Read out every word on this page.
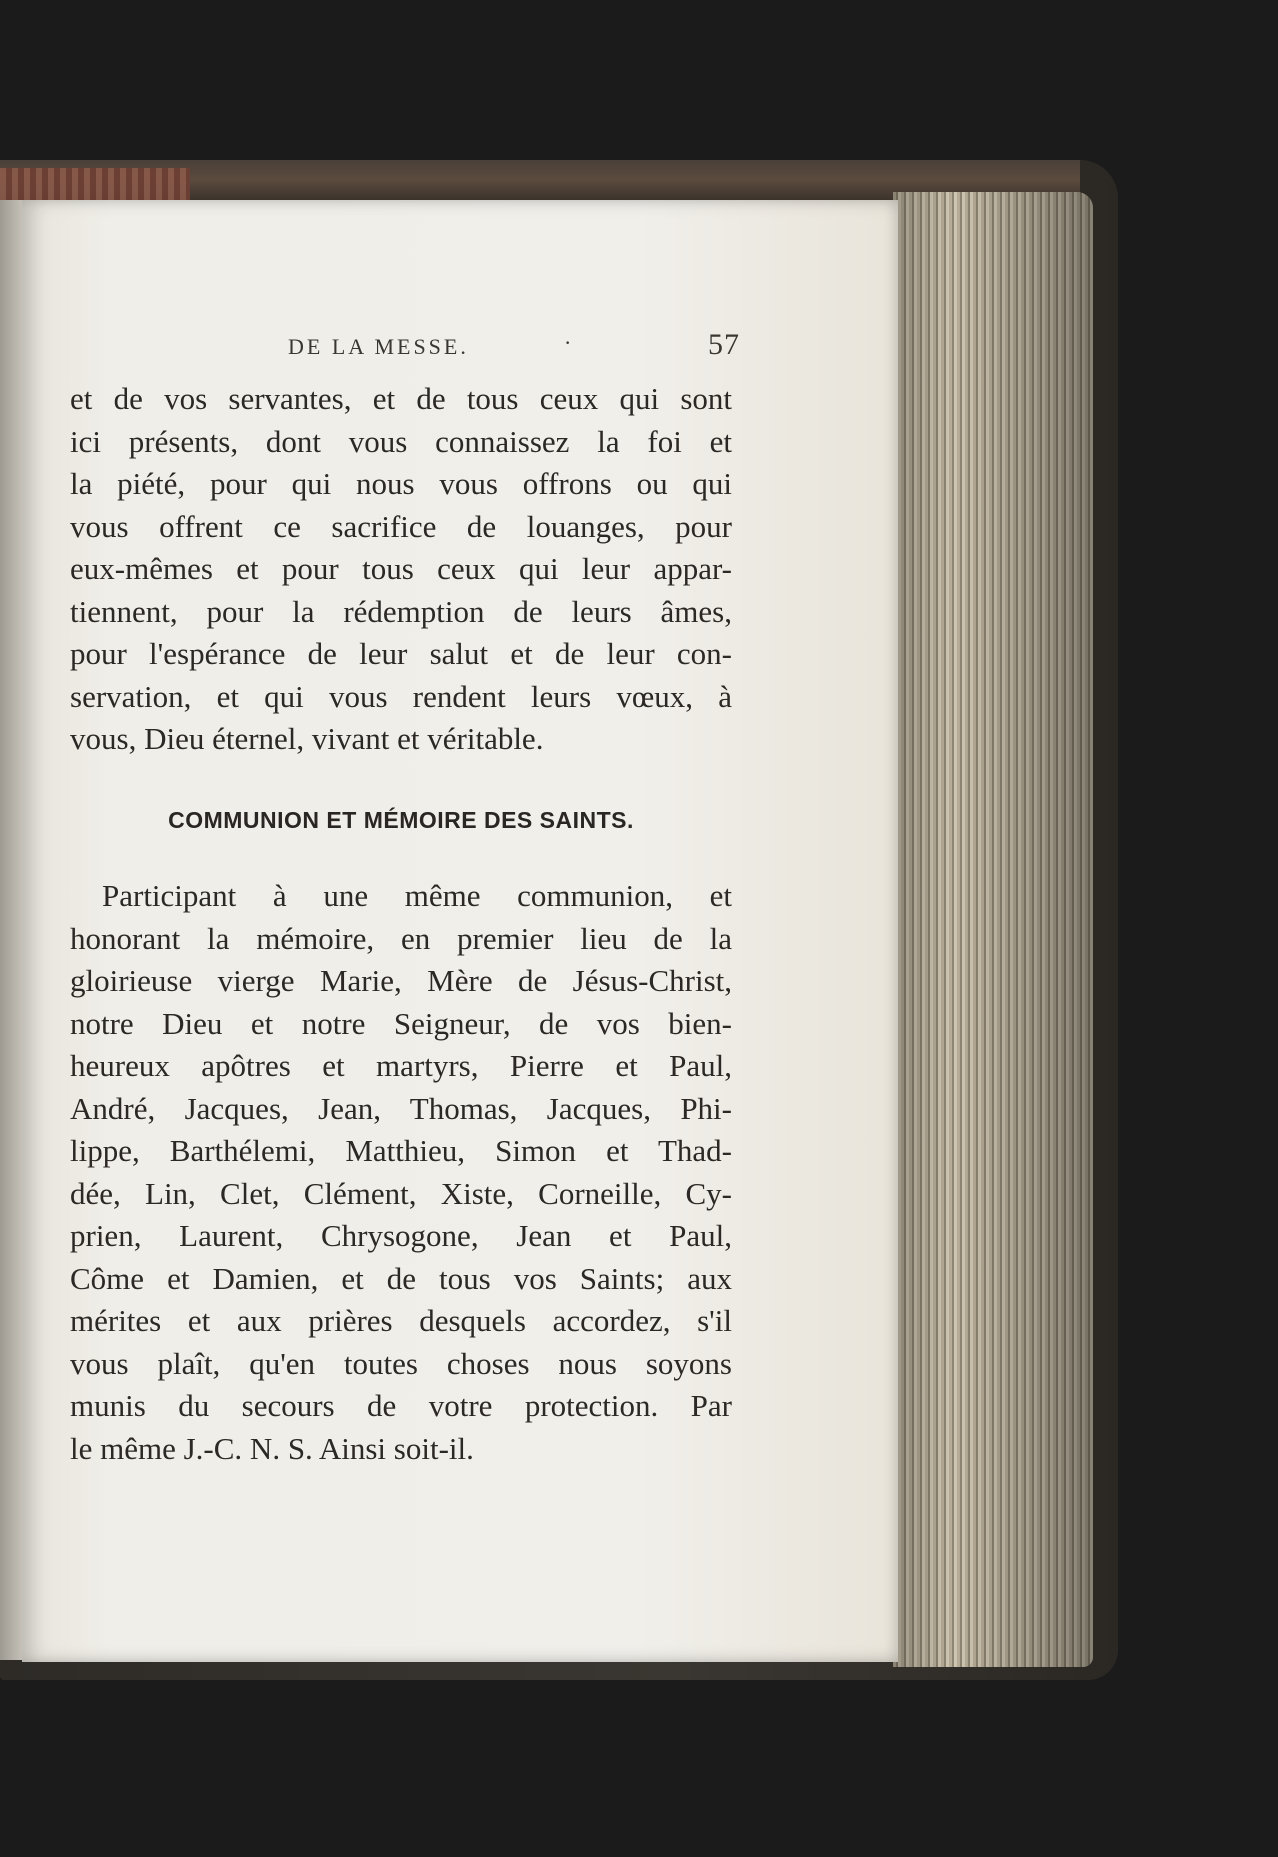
DE LA MESSE.	·	57
et de vos servantes, et de tous ceux qui sont
ici présents, dont vous connaissez la foi et
la piété, pour qui nous vous offrons ou qui
vous offrent ce sacrifice de louanges, pour
eux-mêmes et pour tous ceux qui leur appar-
tiennent, pour la rédemption de leurs âmes,
pour l'espérance de leur salut et de leur con-
servation, et qui vous rendent leurs vœux, à
vous, Dieu éternel, vivant et véritable.
COMMUNION ET MÉMOIRE DES SAINTS.
Participant à une même communion, et
honorant la mémoire, en premier lieu de la
gloirieuse vierge Marie, Mère de Jésus-Christ,
notre Dieu et notre Seigneur, de vos bien-
heureux apôtres et martyrs, Pierre et Paul,
André, Jacques, Jean, Thomas, Jacques, Phi-
lippe, Barthélemi, Matthieu, Simon et Thad-
dée, Lin, Clet, Clément, Xiste, Corneille, Cy-
prien, Laurent, Chrysogone, Jean et Paul,
Côme et Damien, et de tous vos Saints; aux
mérites et aux prières desquels accordez, s'il
vous plaît, qu'en toutes choses nous soyons
munis du secours de votre protection. Par
le même J.-C. N. S. Ainsi soit-il.
